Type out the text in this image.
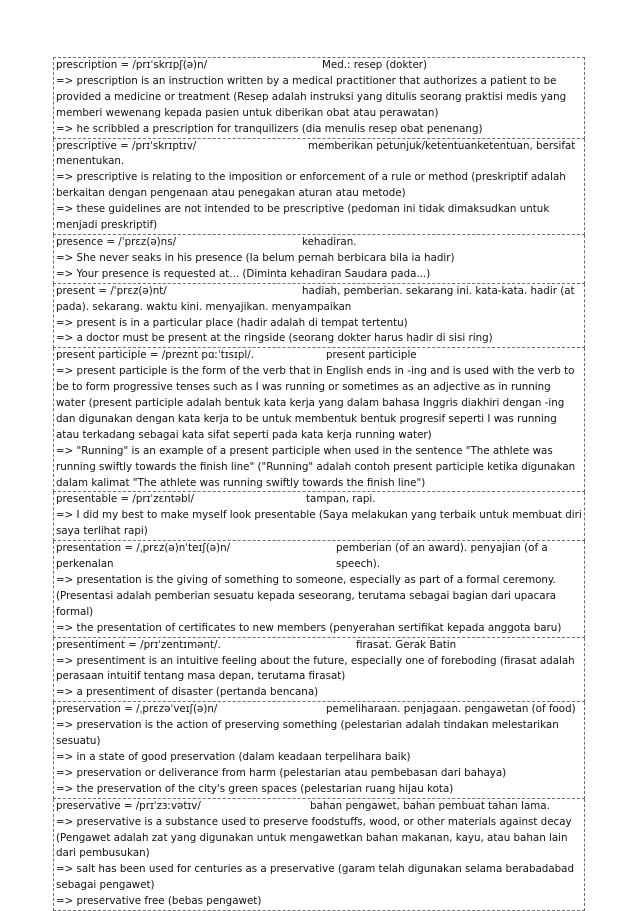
prescription = /prɪˈskrɪpʃ(ə)n/	Med.: resep (dokter)
=> prescription is an instruction written by a medical practitioner that authorizes a patient to be provided a medicine or treatment (Resep adalah instruksi yang ditulis seorang praktisi medis yang memberi wewenang kepada pasien untuk diberikan obat atau perawatan)
=> he scribbled a prescription for tranquilizers (dia menulis resep obat penenang)
prescriptive = /prɪˈskrɪptɪv/	memberikan petunjuk/ketentuanketentuan, bersifat
menentukan.
=> prescriptive is relating to the imposition or enforcement of a rule or method (preskriptif adalah berkaitan dengan pengenaan atau penegakan aturan atau metode)
=> these guidelines are not intended to be prescriptive (pedoman ini tidak dimaksudkan untuk menjadi preskriptif)
presence = /ˈprɛz(ə)ns/	kehadiran.
=> She never seaks in his presence (Ia belum pernah berbicara bila ia hadir)
=> Your presence is requested at... (Diminta kehadiran Saudara pada...)
present = /ˈprɛz(ə)nt/	hadiah, pemberian. sekarang ini. kata-kata. hadir (at
pada). sekarang. waktu kini. menyajikan. menyampaikan
=> present is in a particular place (hadir adalah di tempat tertentu)
=> a doctor must be present at the ringside (seorang dokter harus hadir di sisi ring)
present participle = /preznt pɑːˈtɪsɪpl/.	present participle
=> present participle is the form of the verb that in English ends in -ing and is used with the verb to be to form progressive tenses such as I was running or sometimes as an adjective as in running water (present participle adalah bentuk kata kerja yang dalam bahasa Inggris diakhiri dengan -ing dan digunakan dengan kata kerja to be untuk membentuk bentuk progresif seperti I was running atau terkadang sebagai kata sifat seperti pada kata kerja running water)
=> "Running" is an example of a present participle when used in the sentence "The athlete was running swiftly towards the finish line" ("Running" adalah contoh present participle ketika digunakan dalam kalimat "The athlete was running swiftly towards the finish line")
presentable = /prɪˈzɛntəbl/	tampan, rapi.
=> I did my best to make myself look presentable (Saya melakukan yang terbaik untuk membuat diri saya terlihat rapi)
presentation = /ˌprɛz(ə)nˈteɪʃ(ə)n/	pemberian (of an award). penyajian (of a speech).
perkenalan
=> presentation is the giving of something to someone, especially as part of a formal ceremony. (Presentasi adalah pemberian sesuatu kepada seseorang, terutama sebagai bagian dari upacara formal)
=> the presentation of certificates to new members (penyerahan sertifikat kepada anggota baru)
presentiment = /prɪˈzentɪmənt/.	firasat. Gerak Batin
=> presentiment is an intuitive feeling about the future, especially one of foreboding (firasat adalah perasaan intuitif tentang masa depan, terutama firasat)
=> a presentiment of disaster (pertanda bencana)
preservation = /ˌprɛzəˈveɪʃ(ə)n/	pemeliharaan. penjagaan. pengawetan (of food)
=> preservation is the action of preserving something (pelestarian adalah tindakan melestarikan sesuatu)
=> in a state of good preservation (dalam keadaan terpelihara baik)
=> preservation or deliverance from harm (pelestarian atau pembebasan dari bahaya)
=> the preservation of the city's green spaces (pelestarian ruang hijau kota)
preservative = /prɪˈzɜːvətɪv/	bahan pengawet, bahan pembuat tahan lama.
=> preservative is a substance used to preserve foodstuffs, wood, or other materials against decay (Pengawet adalah zat yang digunakan untuk mengawetkan bahan makanan, kayu, atau bahan lain dari pembusukan)
=> salt has been used for centuries as a preservative (garam telah digunakan selama berabadabad sebagai pengawet)
=> preservative free (bebas pengawet)
